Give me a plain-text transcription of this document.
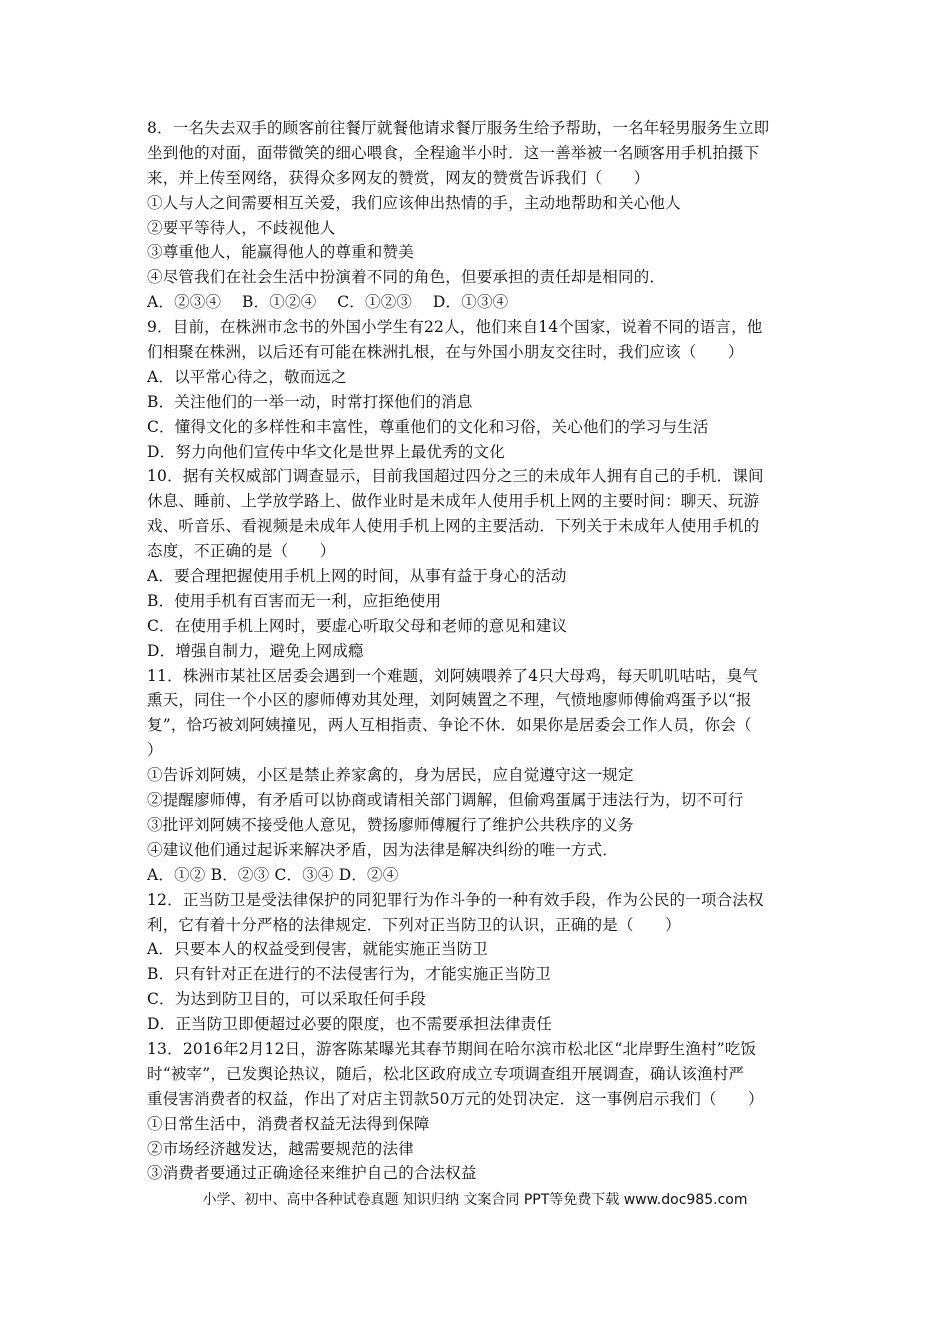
8．一名失去双手的顾客前往餐厅就餐他请求餐厅服务生给予帮助，一名年轻男服务生立即
坐到他的对面，面带微笑的细心喂食，全程逾半小时．这一善举被一名顾客用手机拍摄下
来，并上传至网络，获得众多网友的赞赏，网友的赞赏告诉我们（　　）
①人与人之间需要相互关爱，我们应该伸出热情的手，主动地帮助和关心他人
②要平等待人，不歧视他人
③尊重他人，能赢得他人的尊重和赞美
④尽管我们在社会生活中扮演着不同的角色，但要承担的责任却是相同的．
A．②③④　 B．①②④　 C．①②③　 D．①③④
9．目前，在株洲市念书的外国小学生有22人，他们来自14个国家，说着不同的语言，他
们相聚在株洲，以后还有可能在株洲扎根，在与外国小朋友交往时，我们应该（　　）
A．以平常心待之，敬而远之
B．关注他们的一举一动，时常打探他们的消息
C．懂得文化的多样性和丰富性，尊重他们的文化和习俗，关心他们的学习与生活
D．努力向他们宣传中华文化是世界上最优秀的文化
10．据有关权威部门调查显示，目前我国超过四分之三的未成年人拥有自己的手机．课间
休息、睡前、上学放学路上、做作业时是未成年人使用手机上网的主要时间：聊天、玩游
戏、听音乐、看视频是未成年人使用手机上网的主要活动．下列关于未成年人使用手机的
态度，不正确的是（　　）
A．要合理把握使用手机上网的时间，从事有益于身心的活动
B．使用手机有百害而无一利，应拒绝使用
C．在使用手机上网时，要虚心听取父母和老师的意见和建议
D．增强自制力，避免上网成瘾
11．株洲市某社区居委会遇到一个难题，刘阿姨喂养了4只大母鸡，每天叽叽咕咕，臭气
熏天，同住一个小区的廖师傅劝其处理，刘阿姨置之不理，气愤地廖师傅偷鸡蛋予以“报
复”，恰巧被刘阿姨撞见，两人互相指责、争论不休．如果你是居委会工作人员，你会（
）
①告诉刘阿姨，小区是禁止养家禽的，身为居民，应自觉遵守这一规定
②提醒廖师傅，有矛盾可以协商或请相关部门调解，但偷鸡蛋属于违法行为，切不可行
③批评刘阿姨不接受他人意见，赞扬廖师傅履行了维护公共秩序的义务
④建议他们通过起诉来解决矛盾，因为法律是解决纠纷的唯一方式．
A．①② B．②③ C．③④ D．②④
12．正当防卫是受法律保护的同犯罪行为作斗争的一种有效手段，作为公民的一项合法权
利，它有着十分严格的法律规定．下列对正当防卫的认识，正确的是（　　）
A．只要本人的权益受到侵害，就能实施正当防卫
B．只有针对正在进行的不法侵害行为，才能实施正当防卫
C．为达到防卫目的，可以采取任何手段
D．正当防卫即便超过必要的限度，也不需要承担法律责任
13．2016年2月12日，游客陈某曝光其春节期间在哈尔滨市松北区“北岸野生渔村”吃饭
时“被宰”，已发舆论热议，随后，松北区政府成立专项调查组开展调查，确认该渔村严
重侵害消费者的权益，作出了对店主罚款50万元的处罚决定．这一事例启示我们（　　）
①日常生活中，消费者权益无法得到保障
②市场经济越发达，越需要规范的法律
③消费者要通过正确途径来维护自己的合法权益
小学、初中、高中各种试卷真题 知识归纳 文案合同 PPT等免费下载 www.doc985.com
